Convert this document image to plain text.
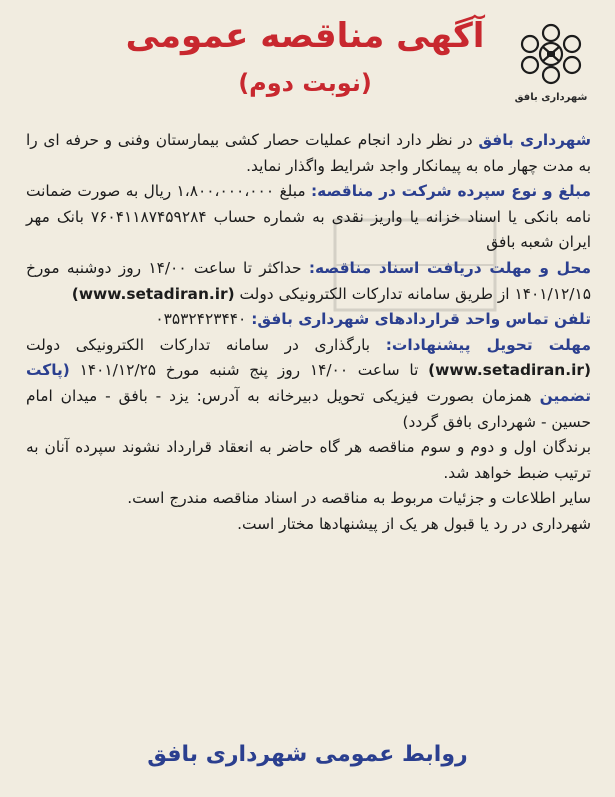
شهرداری بافق
آگهی مناقصه عمومی
(نوبت دوم)

شهرداری بافق در نظر دارد انجام عملیات حصار کشی بیمارستان وفنی و حرفه ای را به مدت چهار ماه به پیمانکار واجد شرایط واگذار نماید.

مبلغ و نوع سپرده شرکت در مناقصه: مبلغ ۱،۸۰۰،۰۰۰،۰۰۰ ریال به صورت ضمانت نامه بانکی یا اسناد خزانه یا واریز نقدی به شماره حساب ۷۶۰۴۱۱۸۷۴۵۹۲۸۴ بانک مهر ایران شعبه بافق

محل و مهلت دریافت اسناد مناقصه: حداکثر تا ساعت ۱۴/۰۰ روز دوشنبه مورخ ۱۴۰۱/۱۲/۱۵ از طریق سامانه تدارکات الکترونیکی دولت (www.setadiran.ir)

تلفن تماس واحد قراردادهای شهرداری بافق: ۰۳۵۳۲۴۲۳۴۴۰

مهلت تحویل پیشنهادات: بارگذاری در سامانه تدارکات الکترونیکی دولت (www.setadiran.ir) تا ساعت ۱۴/۰۰ روز پنج شنبه مورخ ۱۴۰۱/۱۲/۲۵ (پاکت تضمین همزمان بصورت فیزیکی تحویل دبیرخانه به آدرس: یزد - بافق - میدان امام حسین - شهرداری بافق گردد)

برندگان اول و دوم و سوم مناقصه هر گاه حاضر به انعقاد قرارداد نشوند سپرده آنان به ترتیب ضبط خواهد شد.

سایر اطلاعات و جزئیات مربوط به مناقصه در اسناد مناقصه مندرج است.

شهرداری در رد یا قبول هر یک از پیشنهادها مختار است.

روابط عمومی شهرداری بافق
